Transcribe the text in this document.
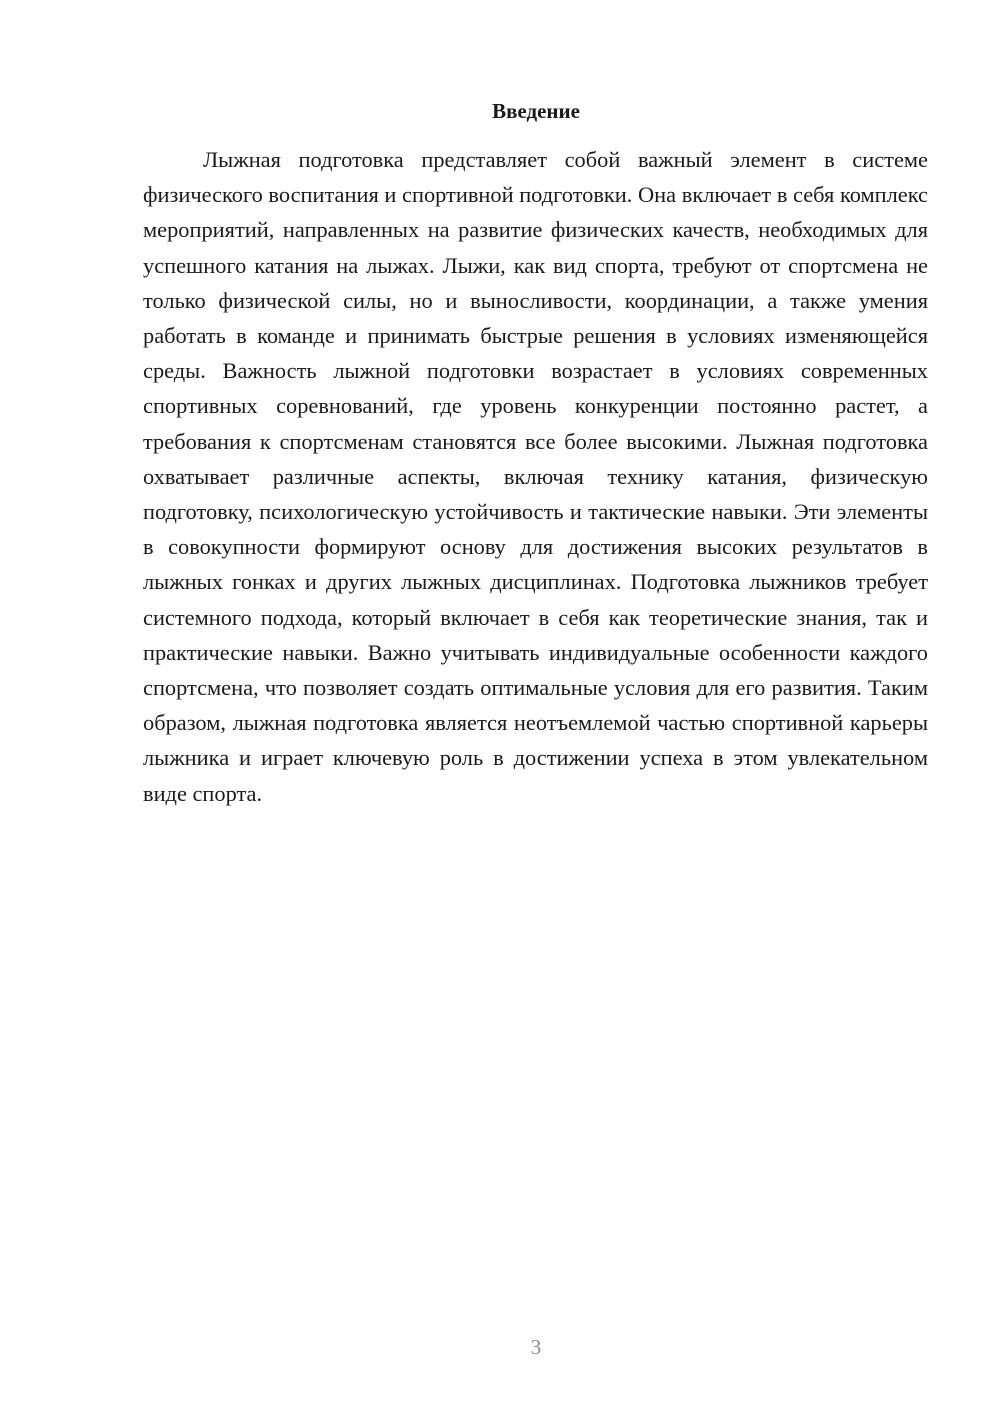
Введение

Лыжная подготовка представляет собой важный элемент в системе физического воспитания и спортивной подготовки. Она включает в себя комплекс мероприятий, направленных на развитие физических качеств, необходимых для успешного катания на лыжах. Лыжи, как вид спорта, требуют от спортсмена не только физической силы, но и выносливости, координации, а также умения работать в команде и принимать быстрые решения в условиях изменяющейся среды. Важность лыжной подготовки возрастает в условиях современных спортивных соревнований, где уровень конкуренции постоянно растет, а требования к спортсменам становятся все более высокими. Лыжная подготовка охватывает различные аспекты, включая технику катания, физическую подготовку, психологическую устойчивость и тактические навыки. Эти элементы в совокупности формируют основу для достижения высоких результатов в лыжных гонках и других лыжных дисциплинах. Подготовка лыжников требует системного подхода, который включает в себя как теоретические знания, так и практические навыки. Важно учитывать индивидуальные особенности каждого спортсмена, что позволяет создать оптимальные условия для его развития. Таким образом, лыжная подготовка является неотъемлемой частью спортивной карьеры лыжника и играет ключевую роль в достижении успеха в этом увлекательном виде спорта.

3
